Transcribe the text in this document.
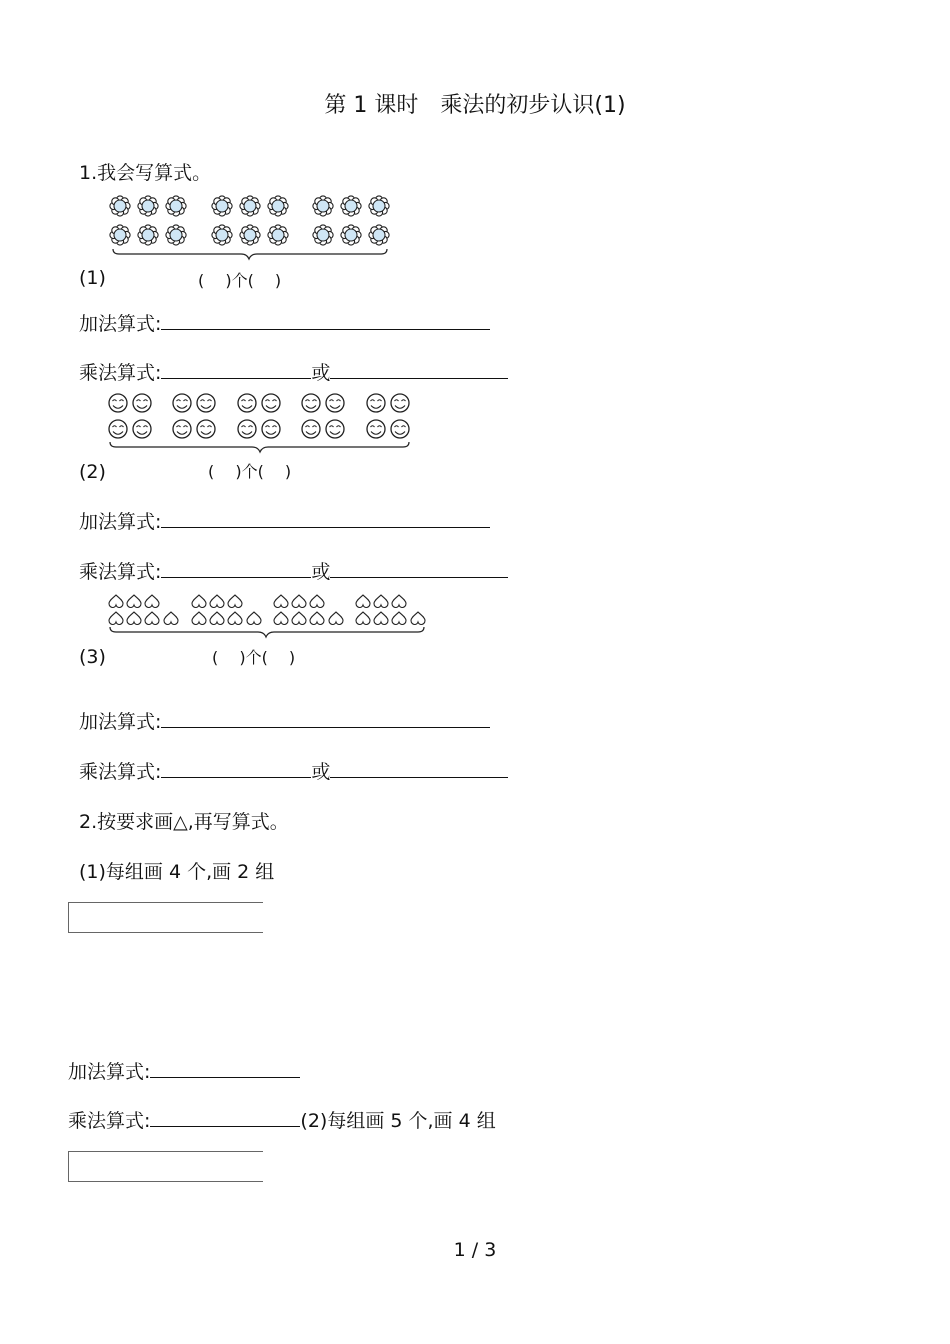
第 1 课时　乘法的初步认识(1)
1.我会写算式。
(1)	(　 )个(　 )
加法算式:
乘法算式:	或
(2)	(　 )个(　 )
加法算式:
乘法算式:	或
(3)	(　 )个(　 )
加法算式:
乘法算式:	或
2.按要求画△,再写算式。
(1)每组画 4 个,画 2 组
加法算式:
乘法算式:	(2)每组画 5 个,画 4 组
1 / 3
